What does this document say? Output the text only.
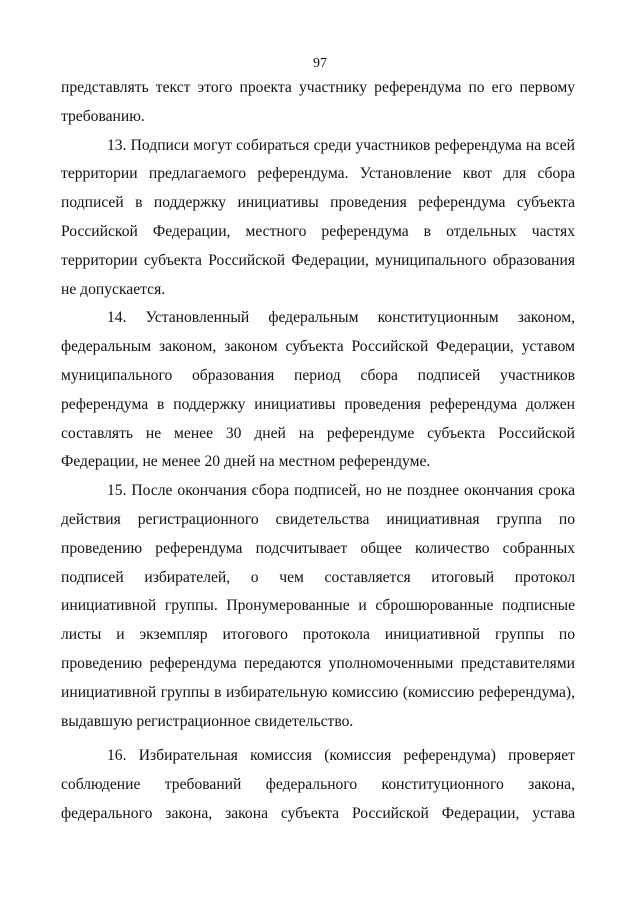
97
представлять текст этого проекта участнику референдума по его первому
требованию.
13. Подписи могут собираться среди участников референдума на всей
территории предлагаемого референдума. Установление квот для сбора
подписей в поддержку инициативы проведения референдума субъекта
Российской Федерации, местного референдума в отдельных частях
территории субъекта Российской Федерации, муниципального образования
не допускается.
14. Установленный федеральным конституционным законом,
федеральным законом, законом субъекта Российской Федерации, уставом
муниципального образования период сбора подписей участников
референдума в поддержку инициативы проведения референдума должен
составлять не менее 30 дней на референдуме субъекта Российской
Федерации, не менее 20 дней на местном референдуме.
15. После окончания сбора подписей, но не позднее окончания срока
действия регистрационного свидетельства инициативная группа по
проведению референдума подсчитывает общее количество собранных
подписей избирателей, о чем составляется итоговый протокол
инициативной группы. Пронумерованные и сброшюрованные подписные
листы и экземпляр итогового протокола инициативной группы по
проведению референдума передаются уполномоченными представителями
инициативной группы в избирательную комиссию (комиссию референдума),
выдавшую регистрационное свидетельство.
16. Избирательная комиссия (комиссия референдума) проверяет
соблюдение требований федерального конституционного закона,
федерального закона, закона субъекта Российской Федерации, устава
